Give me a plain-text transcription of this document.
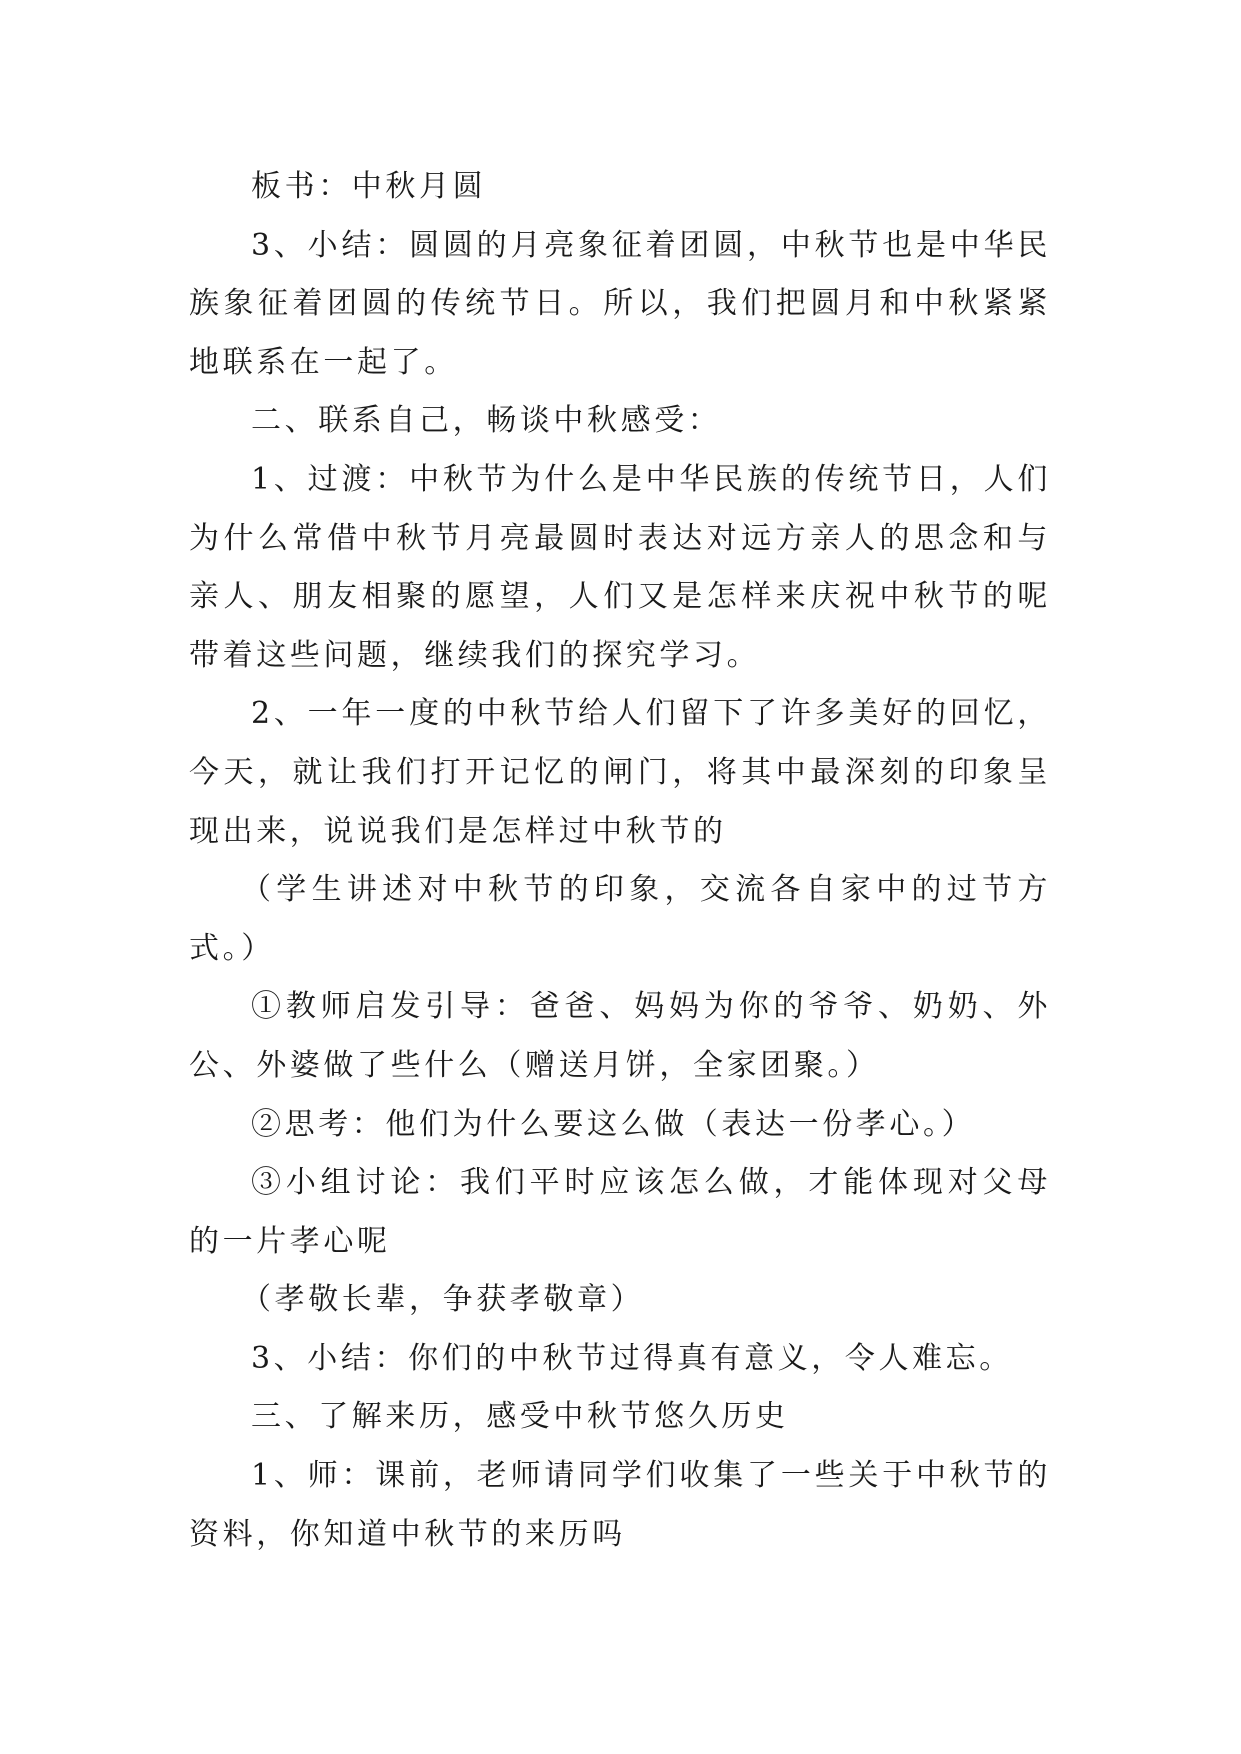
板书：中秋月圆

3、小结：圆圆的月亮象征着团圆，中秋节也是中华民族象征着团圆的传统节日。所以，我们把圆月和中秋紧紧地联系在一起了。

二、联系自己，畅谈中秋感受：

1、过渡：中秋节为什么是中华民族的传统节日，人们为什么常借中秋节月亮最圆时表达对远方亲人的思念和与亲人、朋友相聚的愿望，人们又是怎样来庆祝中秋节的呢带着这些问题，继续我们的探究学习。

2、一年一度的中秋节给人们留下了许多美好的回忆，今天，就让我们打开记忆的闸门，将其中最深刻的印象呈现出来，说说我们是怎样过中秋节的

（学生讲述对中秋节的印象，交流各自家中的过节方式。）

①教师启发引导：爸爸、妈妈为你的爷爷、奶奶、外公、外婆做了些什么（赠送月饼，全家团聚。）

②思考：他们为什么要这么做（表达一份孝心。）

③小组讨论：我们平时应该怎么做，才能体现对父母的一片孝心呢

（孝敬长辈，争获孝敬章）

3、小结：你们的中秋节过得真有意义，令人难忘。

三、了解来历，感受中秋节悠久历史

1、师：课前，老师请同学们收集了一些关于中秋节的资料，你知道中秋节的来历吗
